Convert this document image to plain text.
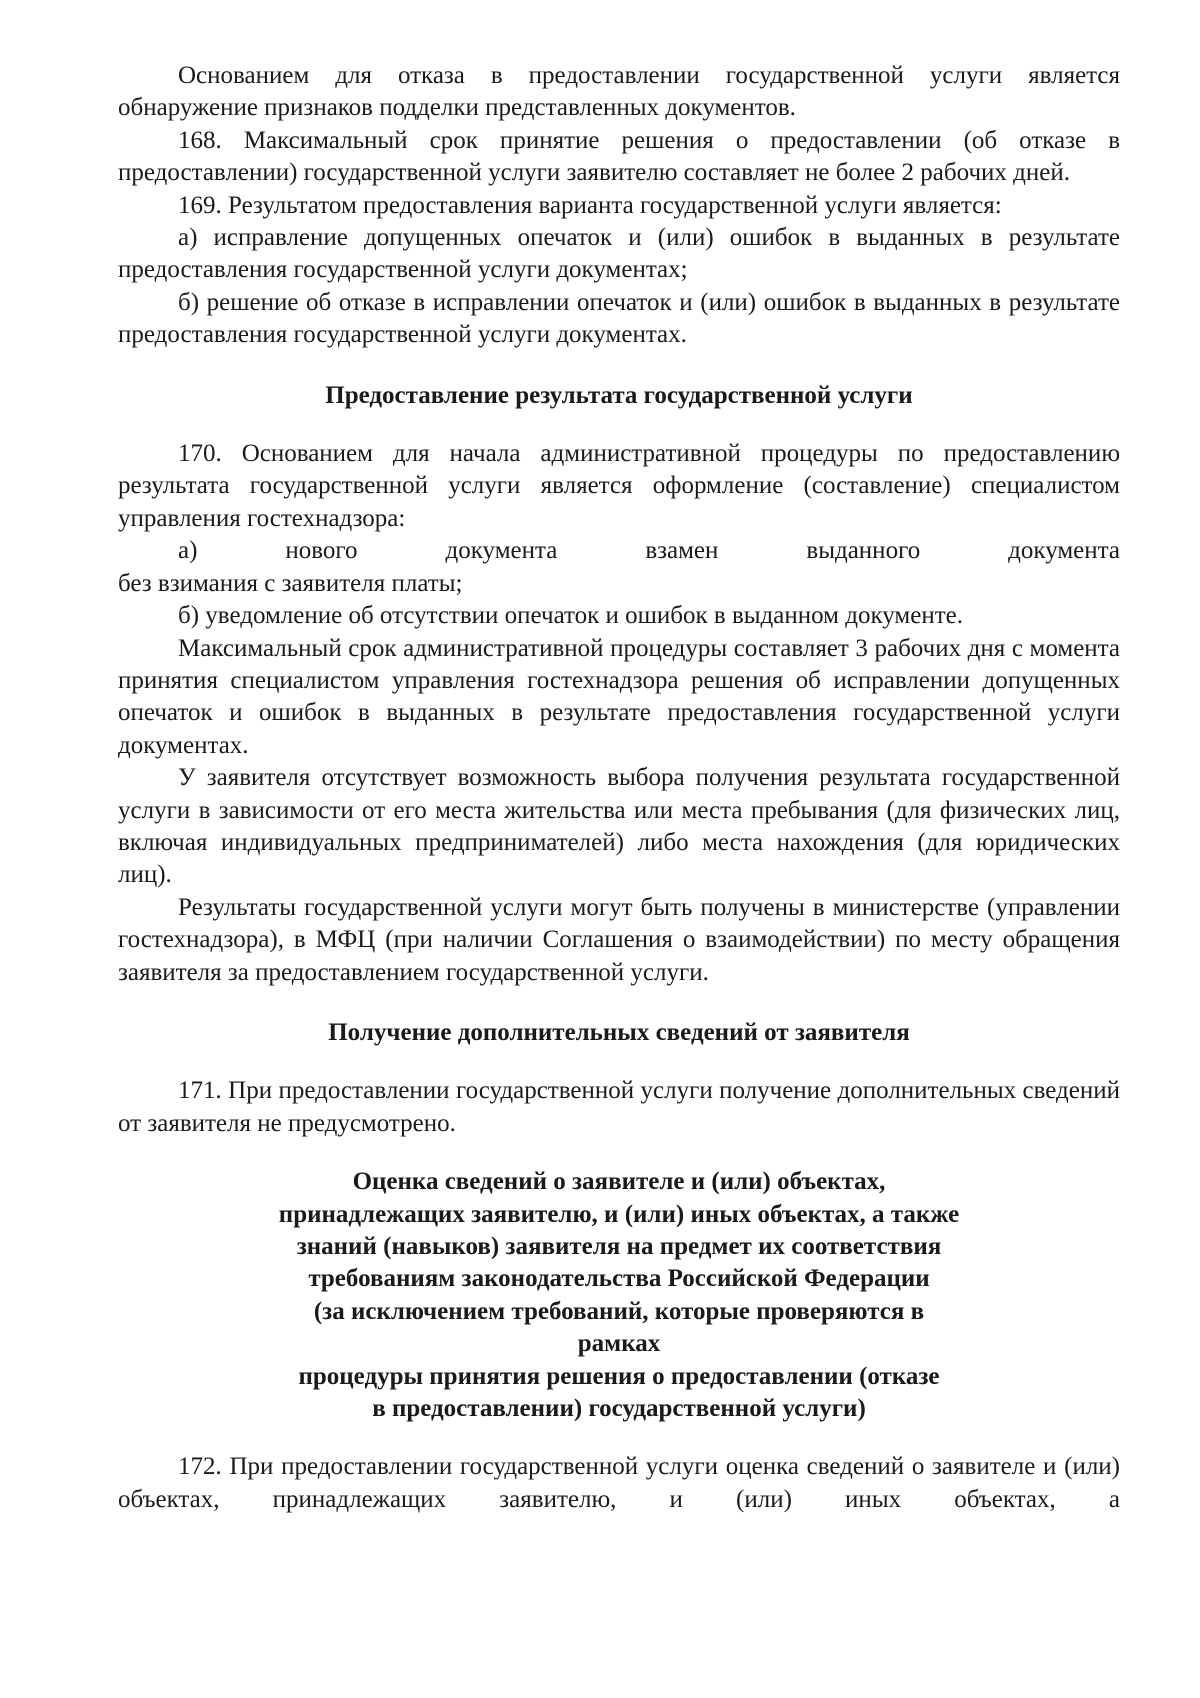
Основанием для отказа в предоставлении государственной услуги является обнаружение признаков подделки представленных документов.

168. Максимальный срок принятие решения о предоставлении (об отказе в предоставлении) государственной услуги заявителю составляет не более 2 рабочих дней.

169. Результатом предоставления варианта государственной услуги является:

а) исправление допущенных опечаток и (или) ошибок в выданных в результате предоставления государственной услуги документах;

б) решение об отказе в исправлении опечаток и (или) ошибок в выданных в результате предоставления государственной услуги документах.

Предоставление результата государственной услуги

170. Основанием для начала административной процедуры по предоставлению результата государственной услуги является оформление (составление) специалистом управления гостехнадзора:

а) нового документа взамен выданного документа

без взимания с заявителя платы;

б) уведомление об отсутствии опечаток и ошибок в выданном документе.

Максимальный срок административной процедуры составляет 3 рабочих дня с момента принятия специалистом управления гостехнадзора решения об исправлении допущенных опечаток и ошибок в выданных в результате предоставления государственной услуги документах.

У заявителя отсутствует возможность выбора получения результата государственной услуги в зависимости от его места жительства или места пребывания (для физических лиц, включая индивидуальных предпринимателей) либо места нахождения (для юридических лиц).

Результаты государственной услуги могут быть получены в министерстве (управлении гостехнадзора), в МФЦ (при наличии Соглашения о взаимодействии) по месту обращения заявителя за предоставлением государственной услуги.

Получение дополнительных сведений от заявителя

171. При предоставлении государственной услуги получение дополнительных сведений от заявителя не предусмотрено.

Оценка сведений о заявителе и (или) объектах,
принадлежащих заявителю, и (или) иных объектах, а также
знаний (навыков) заявителя на предмет их соответствия
требованиям законодательства Российской Федерации
(за исключением требований, которые проверяются в рамках
процедуры принятия решения о предоставлении (отказе
в предоставлении) государственной услуги)

172. При предоставлении государственной услуги оценка сведений о заявителе и (или) объектах, принадлежащих заявителю, и (или) иных объектах, а
